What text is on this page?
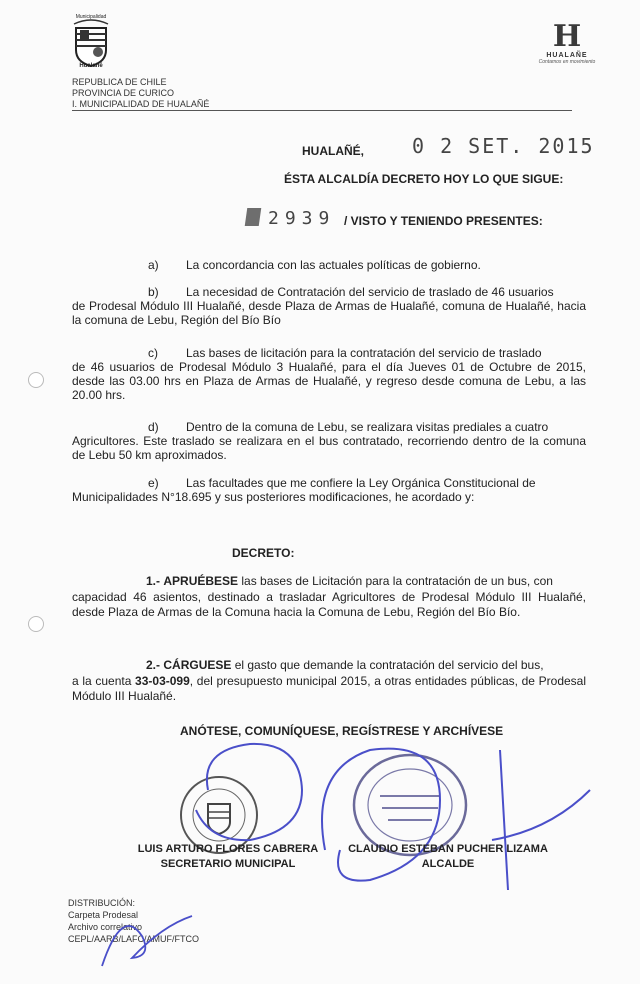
Municipalidad
Hualañé
REPUBLICA DE CHILE
PROVINCIA DE CURICO
I. MUNICIPALIDAD DE HUALAÑÉ
H
HUALAÑE
Contamos en movimiento
HUALAÑÉ, 0 2 SET. 2015
ÉSTA ALCALDÍA DECRETO HOY LO QUE SIGUE:
2939 / VISTO Y TENIENDO PRESENTES:
a) La concordancia con las actuales políticas de gobierno.
b) La necesidad de Contratación del servicio de traslado de 46 usuarios
de Prodesal Módulo III Hualañé, desde Plaza de Armas de Hualañé, comuna de Hualañé, hacia la comuna de Lebu, Región del Bío Bío
c) Las bases de licitación para la contratación del servicio de traslado
de 46 usuarios de Prodesal Módulo 3 Hualañé, para el día Jueves 01 de Octubre de 2015, desde las 03.00 hrs en Plaza de Armas de Hualañé, y regreso desde comuna de Lebu, a las 20.00 hrs.
d) Dentro de la comuna de Lebu, se realizara visitas prediales a cuatro
Agricultores. Este traslado se realizara en el bus contratado, recorriendo dentro de la comuna de Lebu 50 km aproximados.
e) Las facultades que me confiere la Ley Orgánica Constitucional de
Municipalidades N°18.695 y sus posteriores modificaciones, he acordado y:
DECRETO:
1.- APRUÉBESE las bases de Licitación para la contratación de un bus, con
capacidad 46 asientos, destinado a trasladar Agricultores de Prodesal Módulo III Hualañé, desde Plaza de Armas de la Comuna hacia la Comuna de Lebu, Región del Bío Bío.
2.- CÁRGUESE el gasto que demande la contratación del servicio del bus,
a la cuenta 33-03-099, del presupuesto municipal 2015, a otras entidades públicas, de Prodesal Módulo III Hualañé.
ANÓTESE, COMUNÍQUESE, REGÍSTRESE Y ARCHÍVESE
LUIS ARTURO FLORES CABRERA
SECRETARIO MUNICIPAL
CLAUDIO ESTEBAN PUCHER LIZAMA
ALCALDE
DISTRIBUCIÓN:
Carpeta Prodesal
Archivo correlativo
CEPL/AARB/LAFC/AMUF/FTCO
